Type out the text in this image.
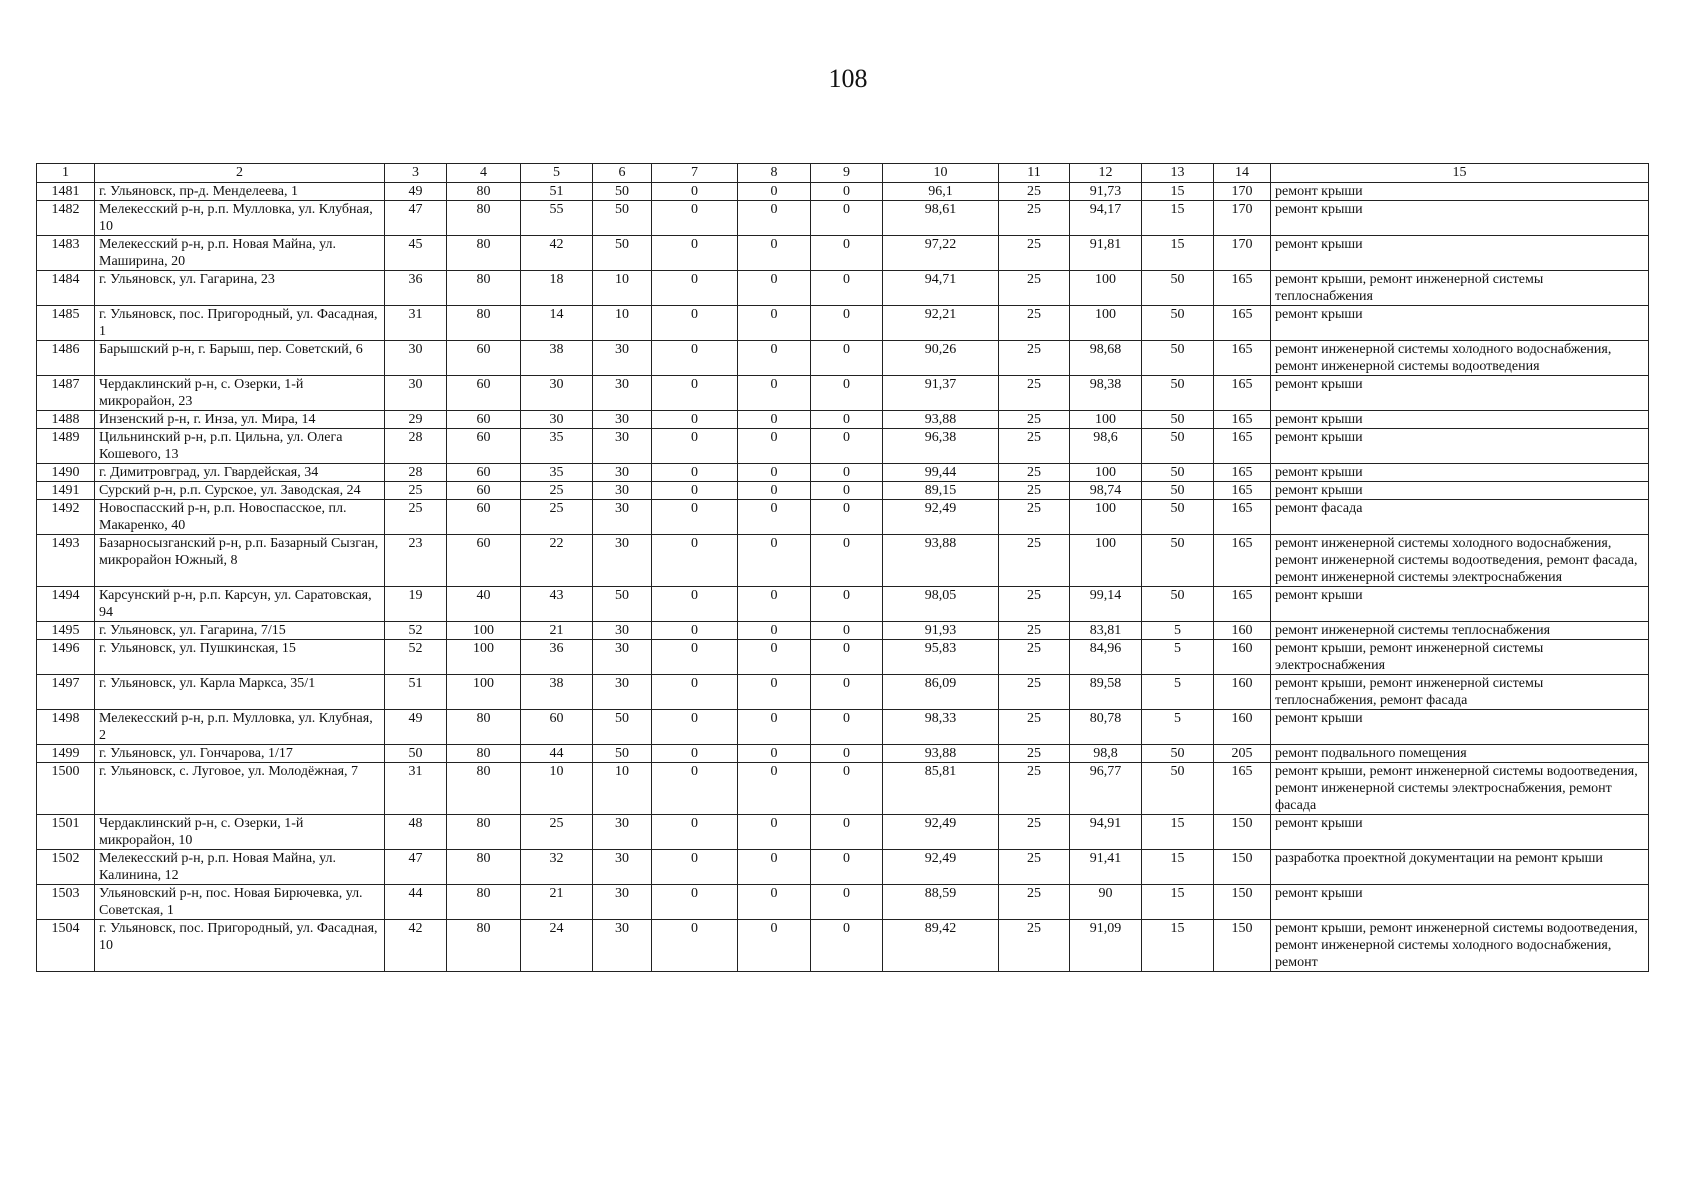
108
1	2	3	4	5	6	7	8	9	10	11	12	13	14	15
1481	г. Ульяновск, пр-д. Менделеева, 1	49	80	51	50	0	0	0	96,1	25	91,73	15	170	ремонт крыши
1482	Мелекесский р-н, р.п. Мулловка, ул. Клубная, 10	47	80	55	50	0	0	0	98,61	25	94,17	15	170	ремонт крыши
1483	Мелекесский р-н, р.п. Новая Майна, ул. Маширина, 20	45	80	42	50	0	0	0	97,22	25	91,81	15	170	ремонт крыши
1484	г. Ульяновск, ул. Гагарина, 23	36	80	18	10	0	0	0	94,71	25	100	50	165	ремонт крыши, ремонт инженерной системы теплоснабжения
1485	г. Ульяновск, пос. Пригородный, ул. Фасадная, 1	31	80	14	10	0	0	0	92,21	25	100	50	165	ремонт крыши
1486	Барышский р-н, г. Барыш, пер. Советский, 6	30	60	38	30	0	0	0	90,26	25	98,68	50	165	ремонт инженерной системы холодного водоснабжения, ремонт инженерной системы водоотведения
1487	Чердаклинский р-н, с. Озерки, 1-й микрорайон, 23	30	60	30	30	0	0	0	91,37	25	98,38	50	165	ремонт крыши
1488	Инзенский р-н, г. Инза, ул. Мира, 14	29	60	30	30	0	0	0	93,88	25	100	50	165	ремонт крыши
1489	Цильнинский р-н, р.п. Цильна, ул. Олега Кошевого, 13	28	60	35	30	0	0	0	96,38	25	98,6	50	165	ремонт крыши
1490	г. Димитровград, ул. Гвардейская, 34	28	60	35	30	0	0	0	99,44	25	100	50	165	ремонт крыши
1491	Сурский р-н, р.п. Сурское, ул. Заводская, 24	25	60	25	30	0	0	0	89,15	25	98,74	50	165	ремонт крыши
1492	Новоспасский р-н, р.п. Новоспасское, пл. Макаренко, 40	25	60	25	30	0	0	0	92,49	25	100	50	165	ремонт фасада
1493	Базарносызганский р-н, р.п. Базарный Сызган, микрорайон Южный, 8	23	60	22	30	0	0	0	93,88	25	100	50	165	ремонт инженерной системы холодного водоснабжения, ремонт инженерной системы водоотведения, ремонт фасада, ремонт инженерной системы электроснабжения
1494	Карсунский р-н, р.п. Карсун, ул. Саратовская, 94	19	40	43	50	0	0	0	98,05	25	99,14	50	165	ремонт крыши
1495	г. Ульяновск, ул. Гагарина, 7/15	52	100	21	30	0	0	0	91,93	25	83,81	5	160	ремонт инженерной системы теплоснабжения
1496	г. Ульяновск, ул. Пушкинская, 15	52	100	36	30	0	0	0	95,83	25	84,96	5	160	ремонт крыши, ремонт инженерной системы электроснабжения
1497	г. Ульяновск, ул. Карла Маркса, 35/1	51	100	38	30	0	0	0	86,09	25	89,58	5	160	ремонт крыши, ремонт инженерной системы теплоснабжения, ремонт фасада
1498	Мелекесский р-н, р.п. Мулловка, ул. Клубная, 2	49	80	60	50	0	0	0	98,33	25	80,78	5	160	ремонт крыши
1499	г. Ульяновск, ул. Гончарова, 1/17	50	80	44	50	0	0	0	93,88	25	98,8	50	205	ремонт подвального помещения
1500	г. Ульяновск, с. Луговое, ул. Молодёжная, 7	31	80	10	10	0	0	0	85,81	25	96,77	50	165	ремонт крыши, ремонт инженерной системы водоотведения, ремонт инженерной системы электроснабжения, ремонт фасада
1501	Чердаклинский р-н, с. Озерки, 1-й микрорайон, 10	48	80	25	30	0	0	0	92,49	25	94,91	15	150	ремонт крыши
1502	Мелекесский р-н, р.п. Новая Майна, ул. Калинина, 12	47	80	32	30	0	0	0	92,49	25	91,41	15	150	разработка проектной документации на ремонт крыши
1503	Ульяновский р-н, пос. Новая Бирючевка, ул. Советская, 1	44	80	21	30	0	0	0	88,59	25	90	15	150	ремонт крыши
1504	г. Ульяновск, пос. Пригородный, ул. Фасадная, 10	42	80	24	30	0	0	0	89,42	25	91,09	15	150	ремонт крыши, ремонт инженерной системы водоотведения, ремонт инженерной системы холодного водоснабжения, ремонт
